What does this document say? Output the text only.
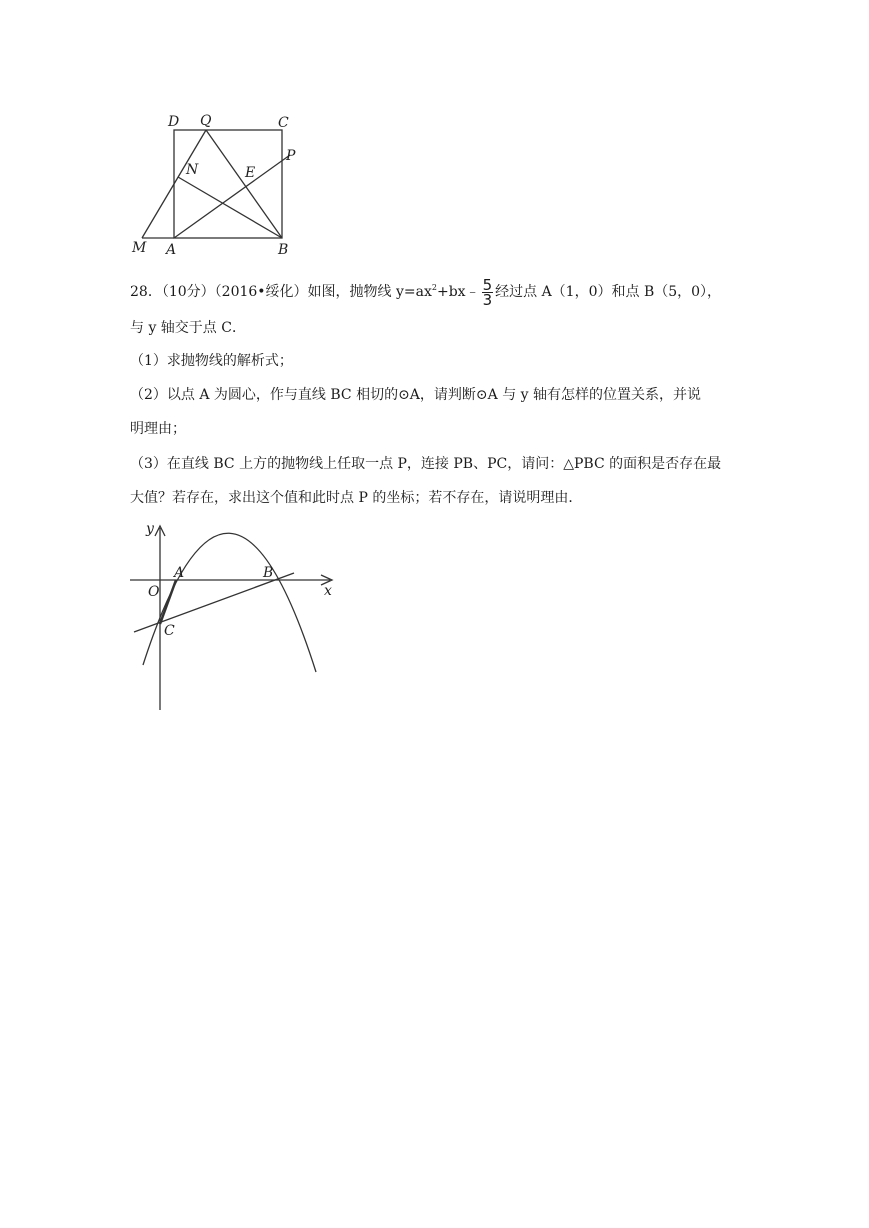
D Q	C
P
N	E
M A	B
28．（10分）（2016•绥化）如图，抛物线 $y=ax^2+bx﹣ \frac{5}{3}$ 经过点 A（1，0）和点 B（5，0），
与 y 轴交于点 C．
（1）求抛物线的解析式；
（2）以点 A 为圆心，作与直线 BC 相切的⊙A，请判断⊙A 与 y 轴有怎样的位置关系，并说
明理由；
（3）在直线 BC 上方的抛物线上任取一点 P，连接 PB、PC，请问：△PBC 的面积是否存在最
大值？若存在，求出这个值和此时点 P 的坐标；若不存在，请说明理由．
y
x
O
A	B
C
